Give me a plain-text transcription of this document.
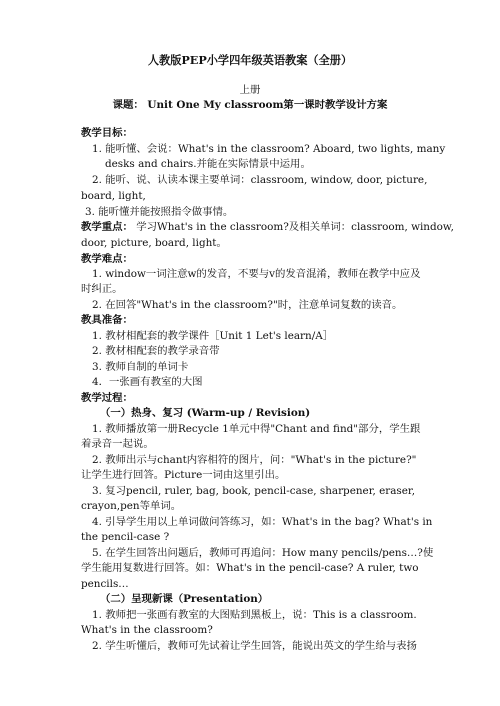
人教版PEP小学四年级英语教案（全册）
上册
课题： Unit One My classroom第一课时教学设计方案
教学目标：
1. 能听懂、会说：What's in the classroom? Aboard, two lights, many
desks and chairs.并能在实际情景中运用。
2. 能听、说、认读本课主要单词：classroom, window, door, picture,
board, light,
3. 能听懂并能按照指令做事情。
教学重点： 学习What's in the classroom?及相关单词：classroom, window,
door, picture, board, light。
教学难点：
1. window一词注意w的发音，不要与v的发音混淆，教师在教学中应及
时纠正。
2. 在回答"What's in the classroom?"时，注意单词复数的读音。
教具准备：
1. 教材相配套的教学课件［Unit 1 Let's learn/A］
2. 教材相配套的教学录音带
3. 教师自制的单词卡
4．一张画有教室的大图
教学过程：
（一）热身、复习 (Warm-up / Revision)
1. 教师播放第一册Recycle 1单元中得"Chant and find"部分，学生跟
着录音一起说。
2. 教师出示与chant内容相符的图片，问："What's in the picture?"
让学生进行回答。Picture一词由这里引出。
3. 复习pencil, ruler, bag, book, pencil-case, sharpener, eraser,
crayon,pen等单词。
4. 引导学生用以上单词做问答练习，如：What's in the bag? What's in
the pencil-case ?
5. 在学生回答出问题后，教师可再追问：How many pencils/pens…?使
学生能用复数进行回答。如：What's in the pencil-case? A ruler, two
pencils…
（二）呈现新课（Presentation）
1. 教师把一张画有教室的大图贴到黑板上，说：This is a classroom.
What's in the classroom?
2. 学生听懂后，教师可先试着让学生回答，能说出英文的学生给与表扬
